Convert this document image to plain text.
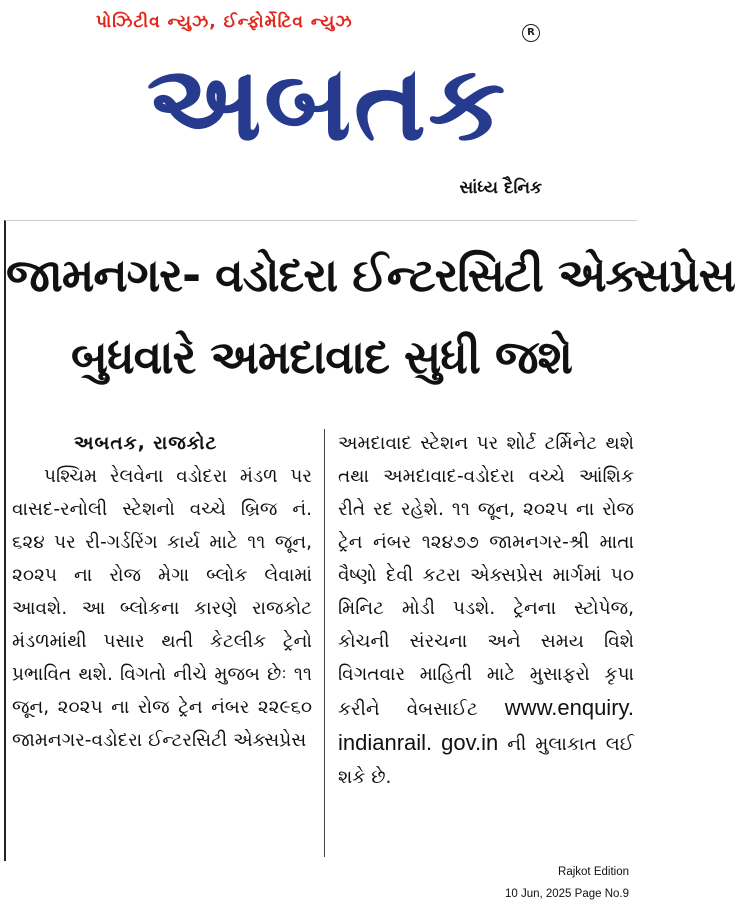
પોઝિટીવ ન્યુઝ, ઈન્ફોર્મેટિવ ન્યુઝ
R
અબતક
સાંધ્ય દૈનિક
જામનગર- વડોદરા ઈન્ટરસિટી એક્સપ્રેસ
બુધવારે અમદાવાદ સુધી જશે
અબતક, રાજકોટ

પશ્ચિમ રેલવેના વડોદરા મંડળ પર વાસદ-રનોલી સ્ટેશનો વચ્ચે બ્રિજ નં. ૬૨૪ પર રી-ગર્ડરિંગ કાર્ય માટે ૧૧ જૂન, ૨૦૨૫ ના રોજ મેગા બ્લોક લેવામાં આવશે. આ બ્લોકના કારણે રાજકોટ મંડળમાંથી પસાર થતી કેટલીક ટ્રેનો પ્રભાવિત થશે. વિગતો નીચે મુજબ છેઃ ૧૧ જૂન, ૨૦૨૫ ના રોજ ટ્રેન નંબર ૨૨૯૬૦ જામનગર-વડોદરા ઈન્ટરસિટી એક્સપ્રેસ

અમદાવાદ સ્ટેશન પર શોર્ટ ટર્મિનેટ થશે તથા અમદાવાદ-વડોદરા વચ્ચે આંશિક રીતે રદ રહેશે. ૧૧ જૂન, ૨૦૨૫ ના રોજ ટ્રેન નંબર ૧૨૪૭૭ જામનગર-શ્રી માતા વૈષ્ણો દેવી કટરા એક્સપ્રેસ માર્ગમાં ૫૦ મિનિટ મોડી પડશે. ટ્રેનના સ્ટોપેજ, કોચની સંરચના અને સમય વિશે વિગતવાર માહિતી માટે મુસાફરો કૃપા કરીને વેબસાઈટ www.enquiry. indianrail. gov.in ની મુલાકાત લઈ શકે છે.

Rajkot Edition
10 Jun, 2025 Page No.9
